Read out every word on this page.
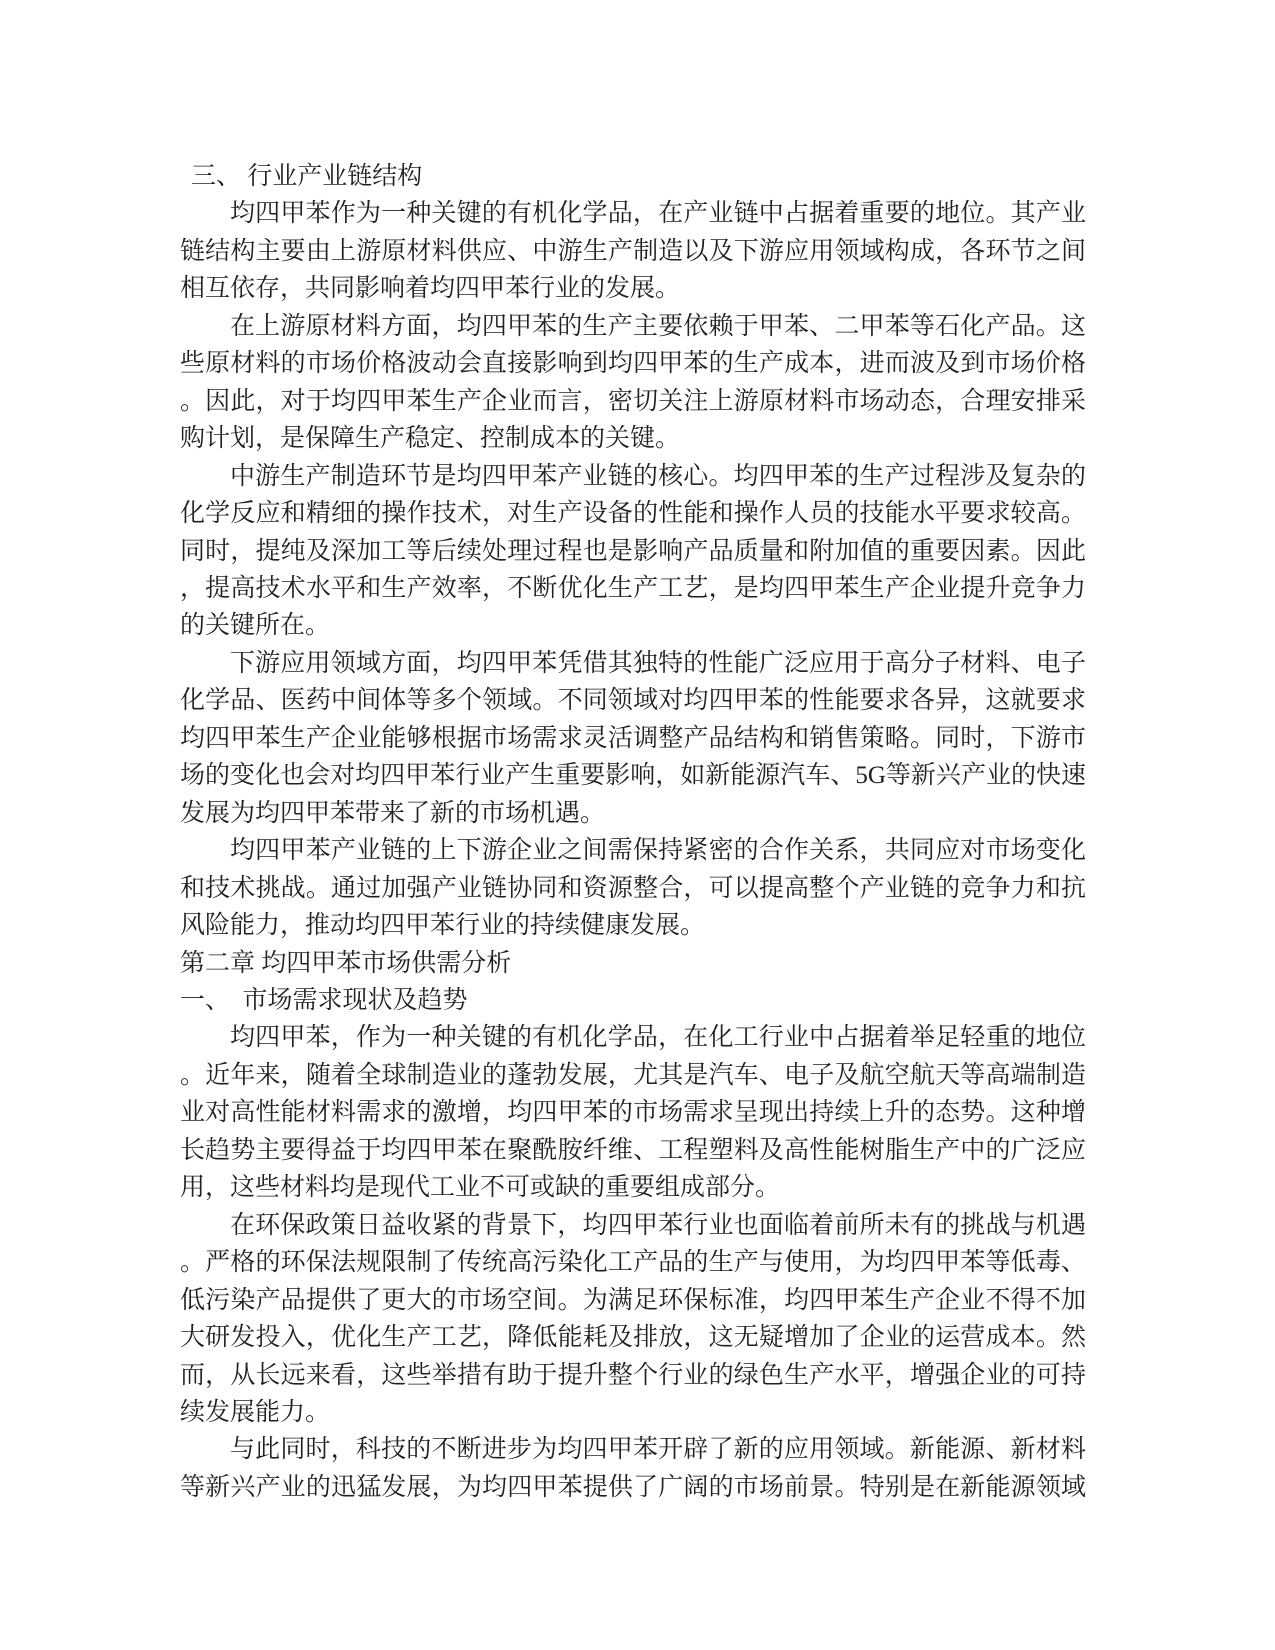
三、 行业产业链结构
均四甲苯作为一种关键的有机化学品，在产业链中占据着重要的地位。其产业
链结构主要由上游原材料供应、中游生产制造以及下游应用领域构成，各环节之间
相互依存，共同影响着均四甲苯行业的发展。
在上游原材料方面，均四甲苯的生产主要依赖于甲苯、二甲苯等石化产品。这
些原材料的市场价格波动会直接影响到均四甲苯的生产成本，进而波及到市场价格
。因此，对于均四甲苯生产企业而言，密切关注上游原材料市场动态，合理安排采
购计划，是保障生产稳定、控制成本的关键。
中游生产制造环节是均四甲苯产业链的核心。均四甲苯的生产过程涉及复杂的
化学反应和精细的操作技术，对生产设备的性能和操作人员的技能水平要求较高。
同时，提纯及深加工等后续处理过程也是影响产品质量和附加值的重要因素。因此
，提高技术水平和生产效率，不断优化生产工艺，是均四甲苯生产企业提升竞争力
的关键所在。
下游应用领域方面，均四甲苯凭借其独特的性能广泛应用于高分子材料、电子
化学品、医药中间体等多个领域。不同领域对均四甲苯的性能要求各异，这就要求
均四甲苯生产企业能够根据市场需求灵活调整产品结构和销售策略。同时，下游市
场的变化也会对均四甲苯行业产生重要影响，如新能源汽车、5G等新兴产业的快速
发展为均四甲苯带来了新的市场机遇。
均四甲苯产业链的上下游企业之间需保持紧密的合作关系，共同应对市场变化
和技术挑战。通过加强产业链协同和资源整合，可以提高整个产业链的竞争力和抗
风险能力，推动均四甲苯行业的持续健康发展。
第二章 均四甲苯市场供需分析
一、　市场需求现状及趋势
均四甲苯，作为一种关键的有机化学品，在化工行业中占据着举足轻重的地位
。近年来，随着全球制造业的蓬勃发展，尤其是汽车、电子及航空航天等高端制造
业对高性能材料需求的激增，均四甲苯的市场需求呈现出持续上升的态势。这种增
长趋势主要得益于均四甲苯在聚酰胺纤维、工程塑料及高性能树脂生产中的广泛应
用，这些材料均是现代工业不可或缺的重要组成部分。
在环保政策日益收紧的背景下，均四甲苯行业也面临着前所未有的挑战与机遇
。严格的环保法规限制了传统高污染化工产品的生产与使用，为均四甲苯等低毒、
低污染产品提供了更大的市场空间。为满足环保标准，均四甲苯生产企业不得不加
大研发投入，优化生产工艺，降低能耗及排放，这无疑增加了企业的运营成本。然
而，从长远来看，这些举措有助于提升整个行业的绿色生产水平，增强企业的可持
续发展能力。
与此同时，科技的不断进步为均四甲苯开辟了新的应用领域。新能源、新材料
等新兴产业的迅猛发展，为均四甲苯提供了广阔的市场前景。特别是在新能源领域
